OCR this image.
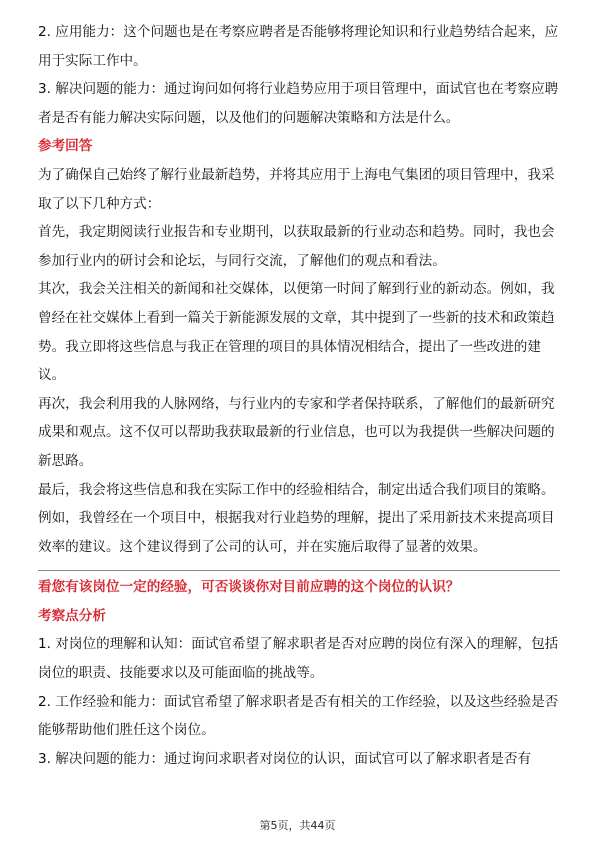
2. 应用能力：这个问题也是在考察应聘者是否能够将理论知识和行业趋势结合起来，应用于实际工作中。

3. 解决问题的能力：通过询问如何将行业趋势应用于项目管理中，面试官也在考察应聘者是否有能力解决实际问题，以及他们的问题解决策略和方法是什么。

参考回答

为了确保自己始终了解行业最新趋势，并将其应用于上海电气集团的项目管理中，我采取了以下几种方式：

首先，我定期阅读行业报告和专业期刊，以获取最新的行业动态和趋势。同时，我也会参加行业内的研讨会和论坛，与同行交流，了解他们的观点和看法。

其次，我会关注相关的新闻和社交媒体，以便第一时间了解到行业的新动态。例如，我曾经在社交媒体上看到一篇关于新能源发展的文章，其中提到了一些新的技术和政策趋势。我立即将这些信息与我正在管理的项目的具体情况相结合，提出了一些改进的建议。

再次，我会利用我的人脉网络，与行业内的专家和学者保持联系，了解他们的最新研究成果和观点。这不仅可以帮助我获取最新的行业信息，也可以为我提供一些解决问题的新思路。

最后，我会将这些信息和我在实际工作中的经验相结合，制定出适合我们项目的策略。例如，我曾经在一个项目中，根据我对行业趋势的理解，提出了采用新技术来提高项目效率的建议。这个建议得到了公司的认可，并在实施后取得了显著的效果。

看您有该岗位一定的经验，可否谈谈你对目前应聘的这个岗位的认识？

考察点分析

1. 对岗位的理解和认知：面试官希望了解求职者是否对应聘的岗位有深入的理解，包括岗位的职责、技能要求以及可能面临的挑战等。

2. 工作经验和能力：面试官希望了解求职者是否有相关的工作经验，以及这些经验是否能够帮助他们胜任这个岗位。

3. 解决问题的能力：通过询问求职者对岗位的认识，面试官可以了解求职者是否有

第5页，共44页
